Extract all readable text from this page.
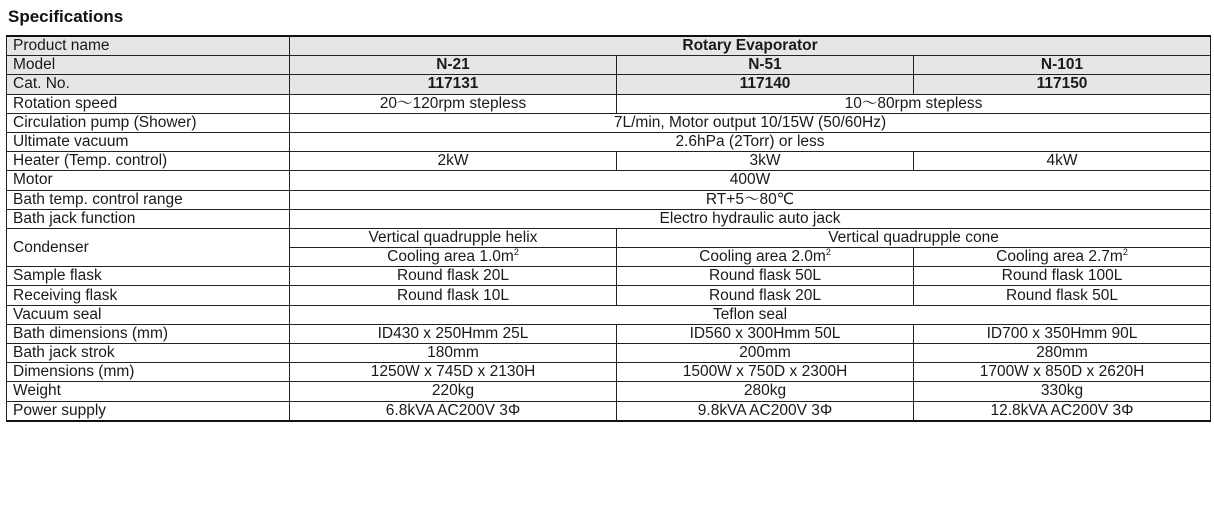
Specifications
Product name	Rotary Evaporator		
Model	N-21	N-51	N-101
Cat. No.	117131	117140	117150
Rotation speed	20～120rpm stepless	10～80rpm stepless	
Circulation pump (Shower)	7L/min, Motor output 10/15W (50/60Hz)		
Ultimate vacuum	2.6hPa (2Torr) or less		
Heater (Temp. control)	2kW	3kW	4kW
Motor	400W		
Bath temp. control range	RT+5～80℃		
Bath jack function	Electro hydraulic auto jack		
Condenser	Vertical quadrupple helix	Vertical quadrupple cone	
	Cooling area $1.0m^2$	Cooling area $2.0m^2$	Cooling area $2.7m^2$
Sample flask	Round flask 20L	Round flask 50L	Round flask 100L
Receiving flask	Round flask 10L	Round flask 20L	Round flask 50L
Vacuum seal	Teflon seal		
Bath dimensions (mm)	ID430 x 250Hmm 25L	ID560 x 300Hmm 50L	ID700 x 350Hmm 90L
Bath jack strok	180mm	200mm	280mm
Dimensions (mm)	1250W x 745D x 2130H	1500W x 750D x 2300H	1700W x 850D x 2620H
Weight	220kg	280kg	330kg
Power supply	6.8kVA AC200V 3Φ	9.8kVA AC200V 3Φ	12.8kVA AC200V 3Φ
